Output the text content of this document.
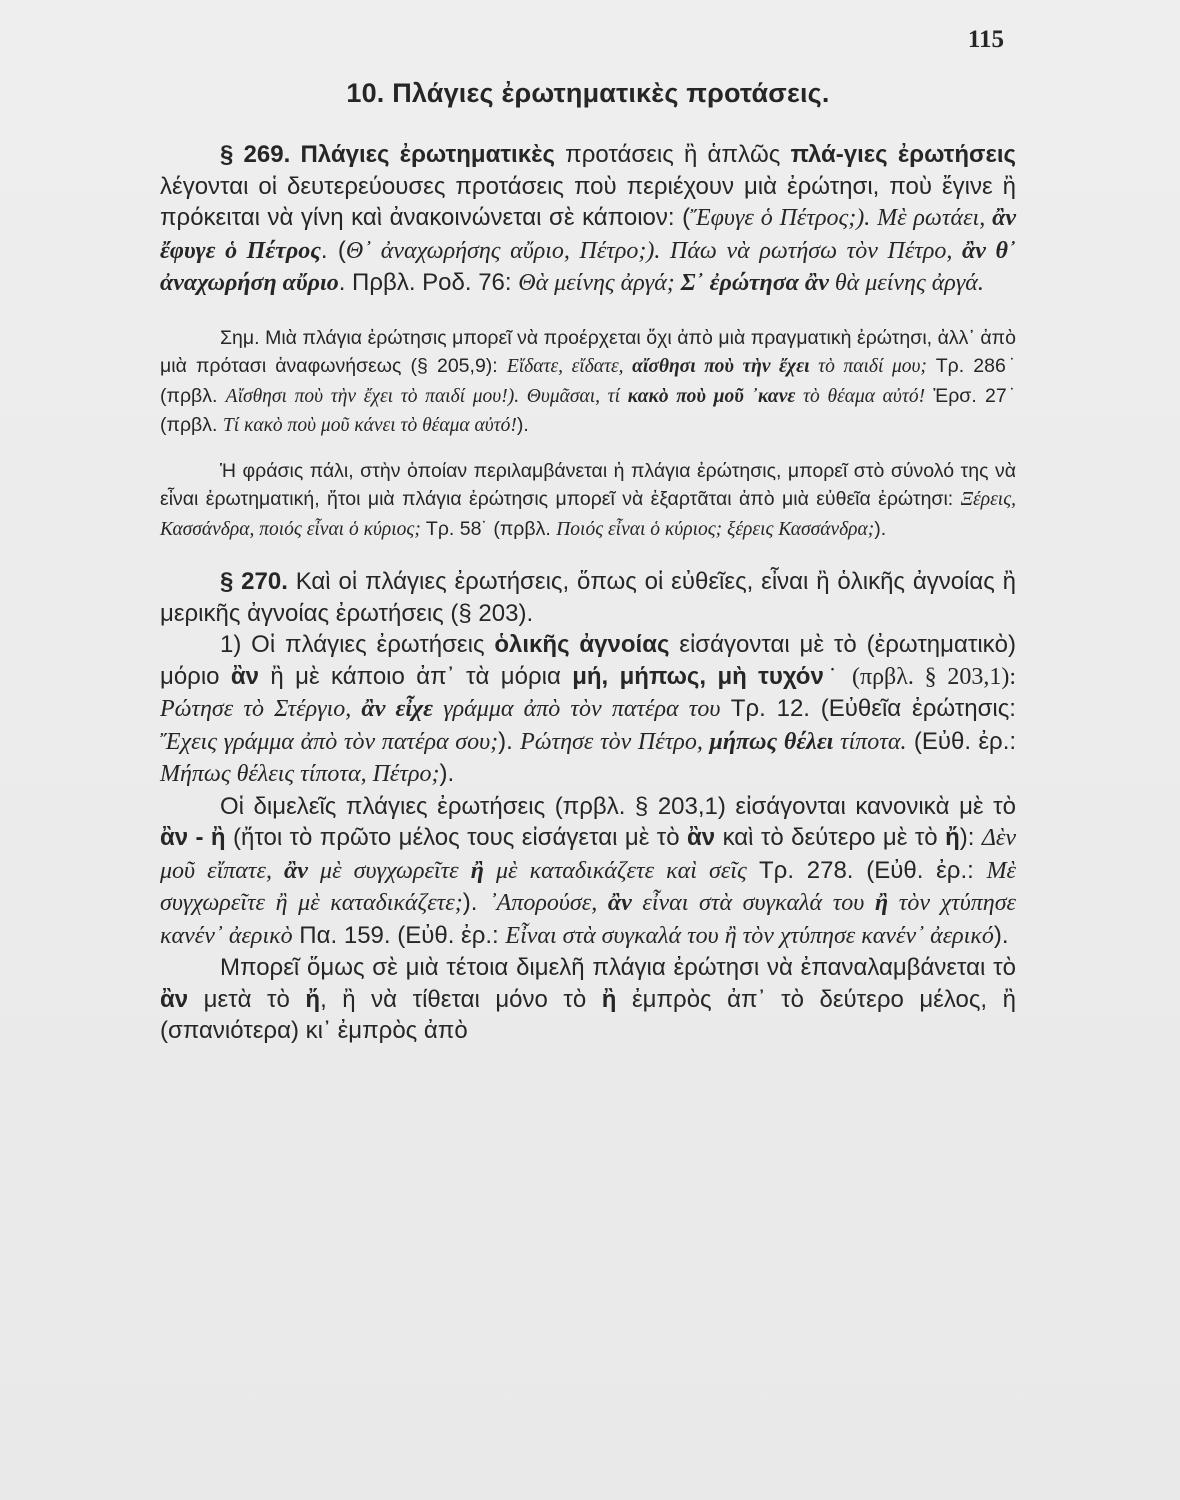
115
10. Πλάγιες ἐρωτηματικὲς προτάσεις.

§ 269. Πλάγιες ἐρωτηματικὲς προτάσεις ἢ ἁπλῶς πλά-γιες ἐρωτήσεις λέγονται οἱ δευτερεύουσες προτάσεις ποὺ περιέχουν μιὰ ἐρώτησι, ποὺ ἔγινε ἢ πρόκειται νὰ γίνη καὶ ἀνακοινώνεται σὲ κάποιον: (Ἔφυγε ὁ Πέτρος;). Μὲ ρωτάει, ἂν ἔφυγε ὁ Πέτρος. (Θ᾽ ἀναχωρήσης αὔριο, Πέτρο;). Πάω νὰ ρωτήσω τὸν Πέτρο, ἂν θ᾽ ἀναχωρήση αὔριο. Πρβλ. Ροδ. 76: Θὰ μείνης ἀργά; Σ᾽ ἐρώτησα ἂν θὰ μείνης ἀργά.

Σημ. Μιὰ πλάγια ἐρώτησις μπορεῖ νὰ προέρχεται ὄχι ἀπὸ μιὰ πραγματικὴ ἐρώτησι, ἀλλ᾽ ἀπὸ μιὰ πρότασι ἀναφωνήσεως (§ 205,9): Εἴδατε, εἴδατε, αἴσθησι ποὺ τὴν ἔχει τὸ παιδί μου; Τρ. 286˙ (πρβλ. Αἴσθησι ποὺ τὴν ἔχει τὸ παιδί μου!). Θυμᾶσαι, τί κακὸ ποὺ μοῦ ᾽κανε τὸ θέαμα αὐτό! Ἐρσ. 27˙ (πρβλ. Τί κακὸ ποὺ μοῦ κάνει τὸ θέαμα αὐτό!).

Ἡ φράσις πάλι, στὴν ὁποίαν περιλαμβάνεται ἡ πλάγια ἐρώτησις, μπορεῖ στὸ σύνολό της νὰ εἶναι ἐρωτηματική, ἤτοι μιὰ πλάγια ἐρώτησις μπορεῖ νὰ ἐξαρτᾶται ἀπὸ μιὰ εὐθεῖα ἐρώτησι: Ξέρεις, Κασσάνδρα, ποιός εἶναι ὁ κύριος; Τρ. 58˙ (πρβλ. Ποιός εἶναι ὁ κύριος; ξέρεις Κασσάνδρα;).

§ 270. Καὶ οἱ πλάγιες ἐρωτήσεις, ὅπως οἱ εὐθεῖες, εἶναι ἢ ὁλικῆς ἀγνοίας ἢ μερικῆς ἀγνοίας ἐρωτήσεις (§ 203).

1) Οἱ πλάγιες ἐρωτήσεις ὁλικῆς ἀγνοίας εἰσάγονται μὲ τὸ (ἐρωτηματικὸ) μόριο ἂν ἢ μὲ κάποιο ἀπ᾽ τὰ μόρια μή, μήπως, μὴ τυχόν˙ (πρβλ. § 203,1): Ρώτησε τὸ Στέργιο, ἂν εἶχε γράμμα ἀπὸ τὸν πατέρα του Τρ. 12. (Εὐθεῖα ἐρώτησις: Ἔχεις γράμμα ἀπὸ τὸν πατέρα σου;). Ρώτησε τὸν Πέτρο, μήπως θέλει τίποτα. (Εὐθ. ἐρ.: Μήπως θέλεις τίποτα, Πέτρο;).

Οἱ διμελεῖς πλάγιες ἐρωτήσεις (πρβλ. § 203,1) εἰσάγονται κανονικὰ μὲ τὸ ἂν - ἢ (ἤτοι τὸ πρῶτο μέλος τους εἰσάγεται μὲ τὸ ἂν καὶ τὸ δεύτερο μὲ τὸ ἤ): Δὲν μοῦ εἴπατε, ἂν μὲ συγχωρεῖτε ἢ μὲ καταδικάζετε καὶ σεῖς Τρ. 278. (Εὐθ. ἐρ.: Μὲ συγχωρεῖτε ἢ μὲ καταδικάζετε;). ᾽Απορούσε, ἂν εἶναι στὰ συγκαλά του ἢ τὸν χτύπησε κανέν᾽ ἀερικὸ Πα. 159. (Εὐθ. ἐρ.: Εἶναι στὰ συγκαλά του ἢ τὸν χτύπησε κανέν᾽ ἀερικό).

Μπορεῖ ὅμως σὲ μιὰ τέτοια διμελῆ πλάγια ἐρώτησι νὰ ἐπαναλαμβάνεται τὸ ἂν μετὰ τὸ ἤ, ἢ νὰ τίθεται μόνο τὸ ἢ ἐμπρὸς ἀπ᾽ τὸ δεύτερο μέλος, ἢ (σπανιότερα) κι᾽ ἐμπρὸς ἀπὸ
